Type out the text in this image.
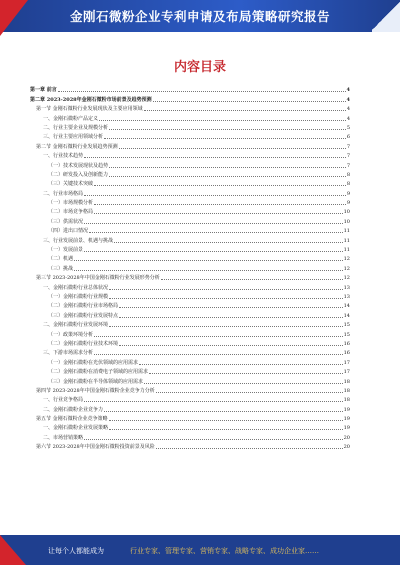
金刚石微粉企业专利申请及布局策略研究报告
内容目录
第一章 前言	4
第二章 2023-2028年金刚石微粉市场前景及趋势预测	4
第一节 金刚石微粉行业发展现状及主要应用领域	4
一、金刚石微粉产品定义	4
二、行业主要企业及规模分析	5
三、行业主要应用领域分析	6
第二节 金刚石微粉行业发展趋势预测	7
一、行业技术趋势	7
（一）技术发展现状及趋势	7
（二）研发投入及创新能力	8
（三）关键技术突破	8
二、行业市场格局	9
（一）市场规模分析	9
（二）市场竞争格局	10
（三）供需状况	10
（四）进出口情况	11
三、行业发展前景、机遇与挑战	11
（一）发展前景	11
（二）机遇	12
（三）挑战	12
第三节 2023-2028年中国金刚石微粉行业发展形势分析	12
一、金刚石微粉行业总体状况	13
（一）金刚石微粉行业规模	13
（二）金刚石微粉行业市场格局	14
（三）金刚石微粉行业发展特点	14
二、金刚石微粉行业发展环境	15
（一）政策环境分析	15
（二）金刚石微粉行业技术环境	16
三、下游市场需求分析	16
（一）金刚石微粉在光伏领域的应用需求	17
（二）金刚石微粉在消费电子领域的应用需求	17
（三）金刚石微粉在半导体领域的应用需求	18
第四节 2023-2028年中国金刚石微粉企业竞争力分析	18
一、行业竞争格局	18
二、金刚石微粉企业竞争力	19
第五节 金刚石微粉企业竞争策略	19
一、金刚石微粉企业发展策略	19
二、市场营销策略	20
第六节 2023-2028年中国金刚石微粉投资前景及风险	20
让每个人都能成为	行业专家、管理专家、营销专家、战略专家、成功企业家……
